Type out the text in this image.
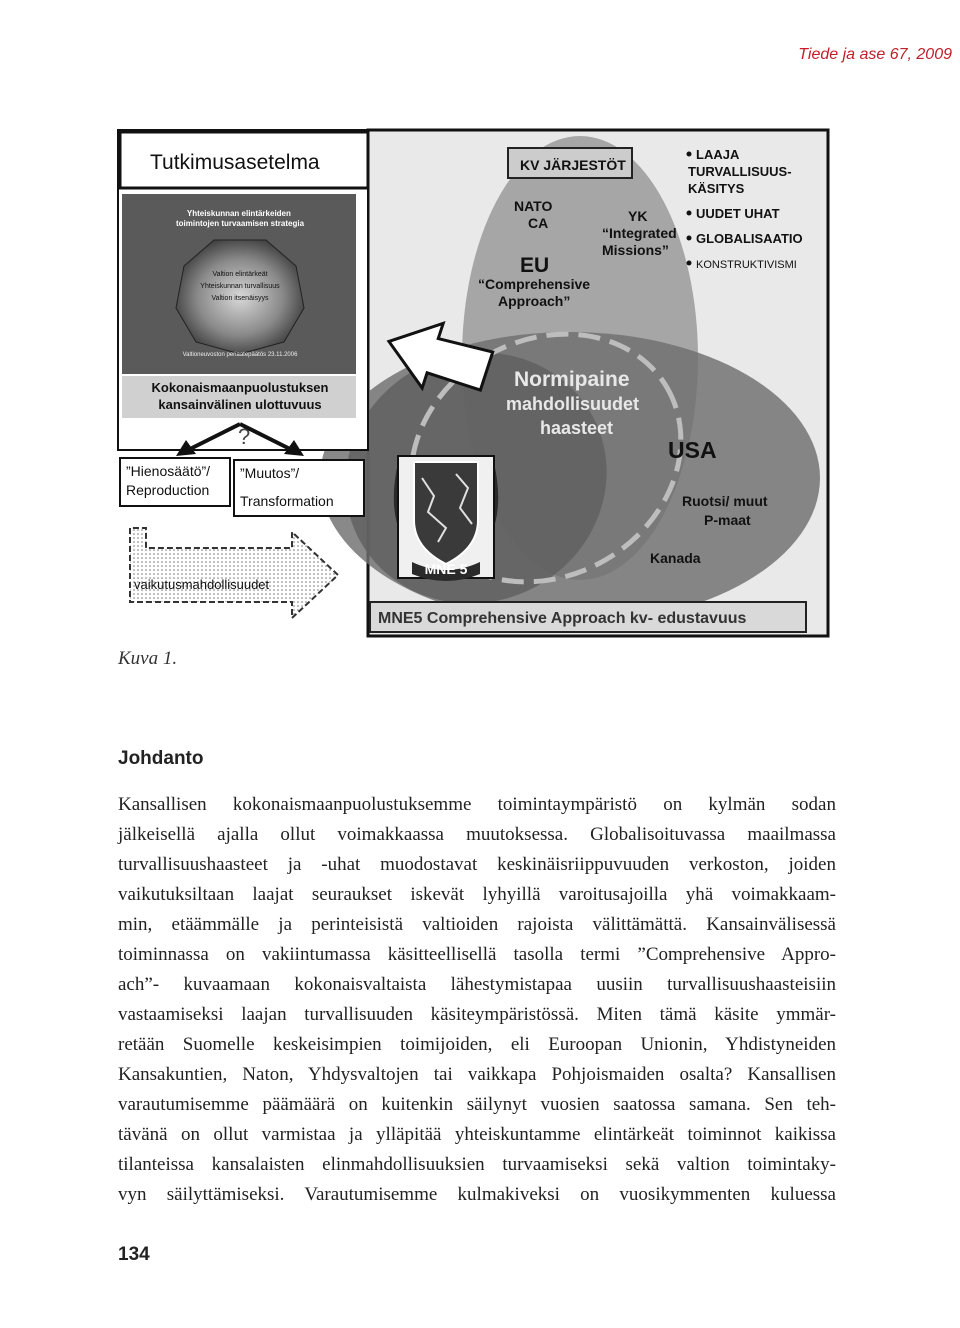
Tiede ja ase 67, 2009
Tutkimusasetelma
Yhteiskunnan elintärkeiden toimintojen turvaamisen strategia
Valtion elintärkeät
Yhteiskunnan turvallisuus
Valtion itsenäisyys
Valtioneuvoston periaatepäätös 23.11.2006
Kokonaismaanpuolustuksen
kansainvälinen ulottuvuus
?
”Hienosäätö”/
Reproduction
”Muutos”/
Transformation
vaikutusmahdollisuudet
KV JÄRJESTÖT
NATO
CA	YK
“Integrated
Missions”
EU
“Comprehensive
Approach”
LAAJA
TURVALLISUUS-
KÄSITYS
UUDET UHAT
GLOBALISAATIO
KONSTRUKTIVISMI
Normipaine
mahdollisuudet
haasteet
USA
Ruotsi/ muut
P-maat
Kanada
MNE 5
MNE5 Comprehensive Approach kv- edustavuus
Kuva 1.
Johdanto
Kansallisen kokonaismaanpuolustuksemme toimintaympäristö on kylmän sodan
jälkeisellä ajalla ollut voimakkaassa muutoksessa. Globalisoituvassa maailmassa
turvallisuushaasteet ja -uhat muodostavat keskinäisriippuvuuden verkoston, joiden
vaikutuksiltaan laajat seuraukset iskevät lyhyillä varoitusajoilla yhä voimakkaam-
min, etäämmälle ja perinteisistä valtioiden rajoista välittämättä. Kansainvälisessä
toiminnassa on vakiintumassa käsitteellisellä tasolla termi ”Comprehensive Appro-
ach”- kuvaamaan kokonaisvaltaista lähestymistapaa uusiin turvallisuushaasteisiin
vastaamiseksi laajan turvallisuuden käsiteympäristössä. Miten tämä käsite ymmär-
retään Suomelle keskeisimpien toimijoiden, eli Euroopan Unionin, Yhdistyneiden
Kansakuntien, Naton, Yhdysvaltojen tai vaikkapa Pohjoismaiden osalta? Kansallisen
varautumisemme päämäärä on kuitenkin säilynyt vuosien saatossa samana. Sen teh-
tävänä on ollut varmistaa ja ylläpitää yhteiskuntamme elintärkeät toiminnot kaikissa
tilanteissa kansalaisten elinmahdollisuuksien turvaamiseksi sekä valtion toimintaky-
vyn säilyttämiseksi. Varautumisemme kulmakiveksi on vuosikymmenten kuluessa
134
